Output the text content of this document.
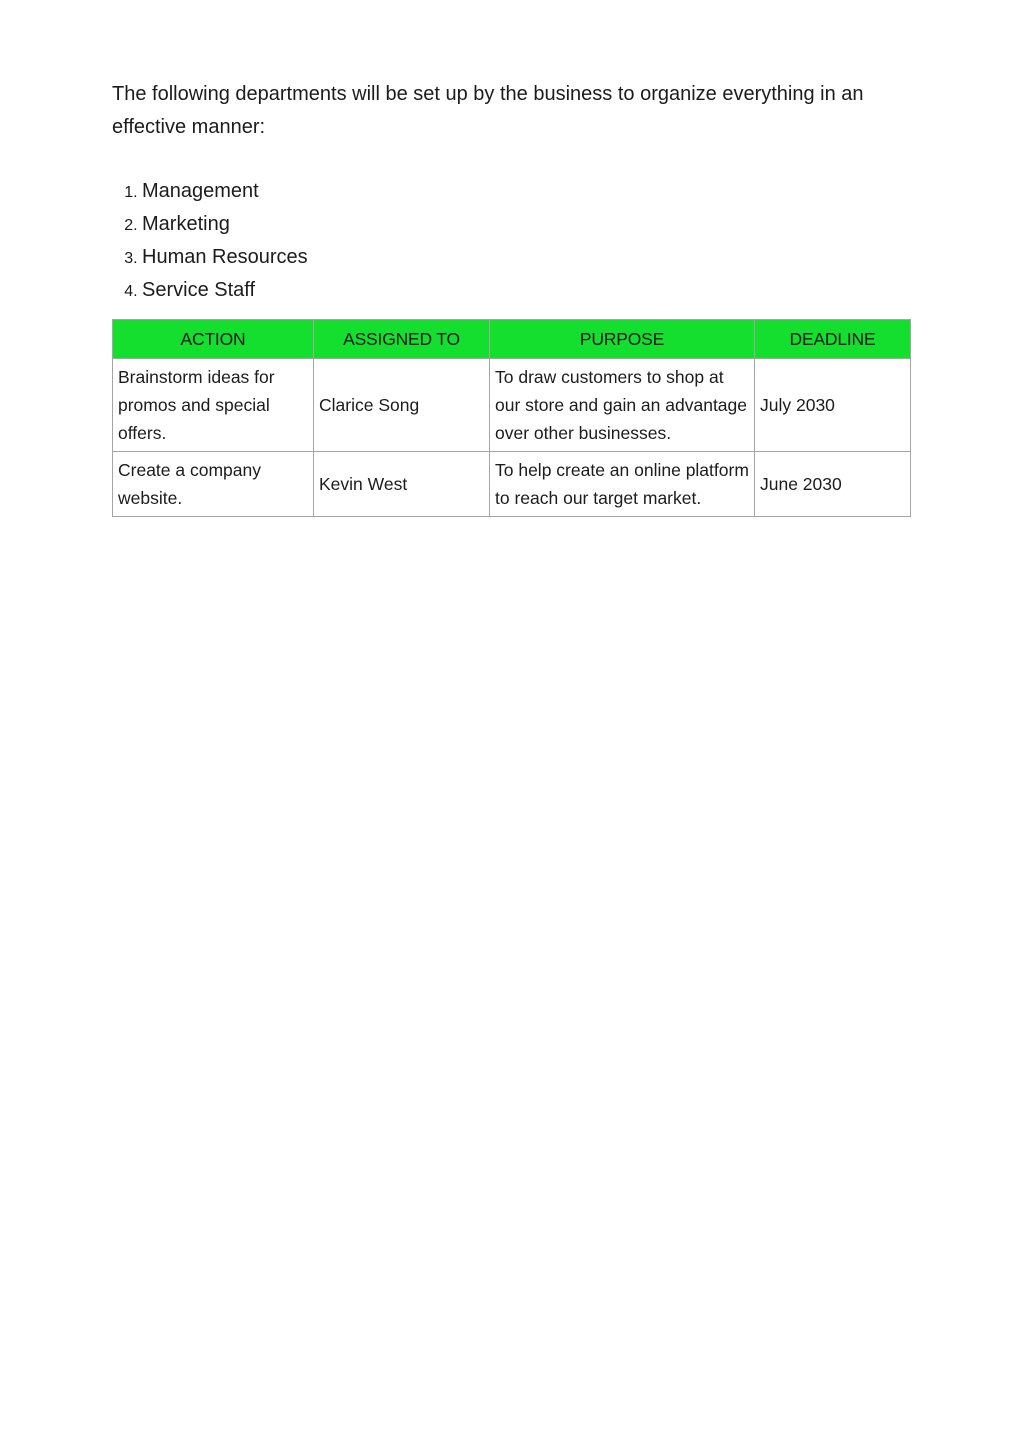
The following departments will be set up by the business to organize everything in an effective manner:

1. Management
2. Marketing
3. Human Resources
4. Service Staff
ACTION	ASSIGNED TO	PURPOSE	DEADLINE
Brainstorm ideas for promos and special offers.	Clarice Song	To draw customers to shop at our store and gain an advantage over other businesses.	July 2030
Create a company website.	Kevin West	To help create an online platform to reach our target market.	June 2030
